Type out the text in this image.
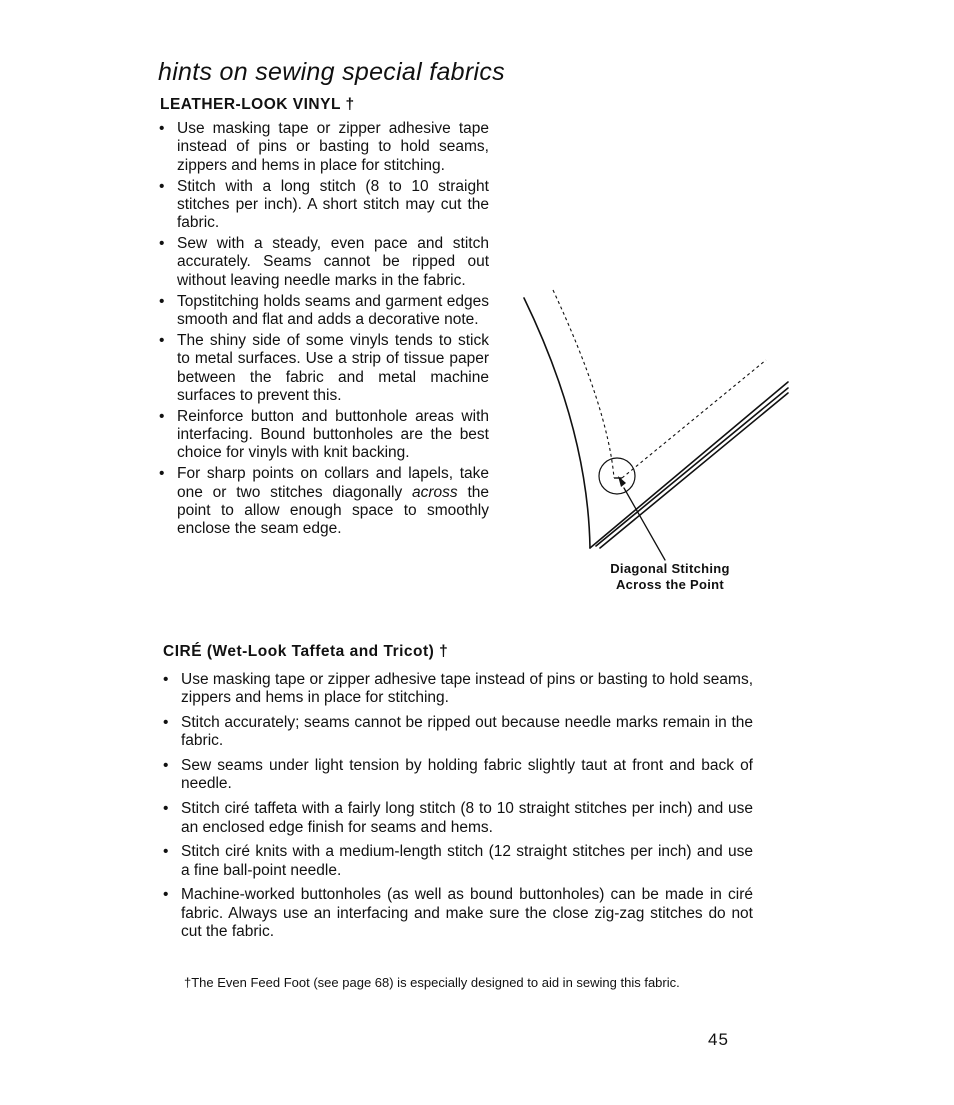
hints on sewing special fabrics
LEATHER-LOOK VINYL †
• Use masking tape or zipper adhesive tape instead of pins or basting to hold seams, zippers and hems in place for stitching.
• Stitch with a long stitch (8 to 10 straight stitches per inch). A short stitch may cut the fabric.
• Sew with a steady, even pace and stitch accurately. Seams cannot be ripped out without leaving needle marks in the fabric.
• Topstitching holds seams and garment edges smooth and flat and adds a decorative note.
• The shiny side of some vinyls tends to stick to metal surfaces. Use a strip of tissue paper between the fabric and metal machine surfaces to prevent this.
• Reinforce button and buttonhole areas with interfacing. Bound buttonholes are the best choice for vinyls with knit backing.
• For sharp points on collars and lapels, take one or two stitches diagonally across the point to allow enough space to smoothly enclose the seam edge.
Diagonal Stitching
Across the Point
CIRÉ (Wet-Look Taffeta and Tricot) †
• Use masking tape or zipper adhesive tape instead of pins or basting to hold seams, zippers and hems in place for stitching.
• Stitch accurately; seams cannot be ripped out because needle marks remain in the fabric.
• Sew seams under light tension by holding fabric slightly taut at front and back of needle.
• Stitch ciré taffeta with a fairly long stitch (8 to 10 straight stitches per inch) and use an enclosed edge finish for seams and hems.
• Stitch ciré knits with a medium-length stitch (12 straight stitches per inch) and use a fine ball-point needle.
• Machine-worked buttonholes (as well as bound buttonholes) can be made in ciré fabric. Always use an interfacing and make sure the close zig-zag stitches do not cut the fabric.

†The Even Feed Foot (see page 68) is especially designed to aid in sewing this fabric.

45
